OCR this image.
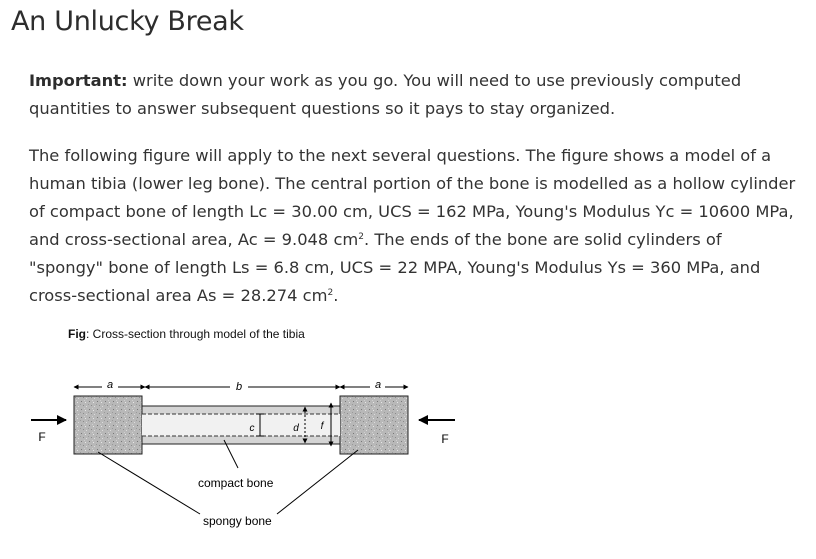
An Unlucky Break

Important: write down your work as you go. You will need to use previously computed quantities to answer subsequent questions so it pays to stay organized.

The following figure will apply to the next several questions. The figure shows a model of a human tibia (lower leg bone). The central portion of the bone is modelled as a hollow cylinder of compact bone of length Lc = 30.00 cm, UCS = 162 MPa, Young's Modulus Yc = 10600 MPa, and cross-sectional area, Ac = 9.048 $cm^2$. The ends of the bone are solid cylinders of "spongy" bone of length Ls = 6.8 cm, UCS = 22 MPA, Young's Modulus Ys = 360 MPa, and cross-sectional area As = 28.274 $cm^2$.

Fig: Cross-section through model of the tibia

a	b	a
F	F
c	d f
compact bone
spongy bone
